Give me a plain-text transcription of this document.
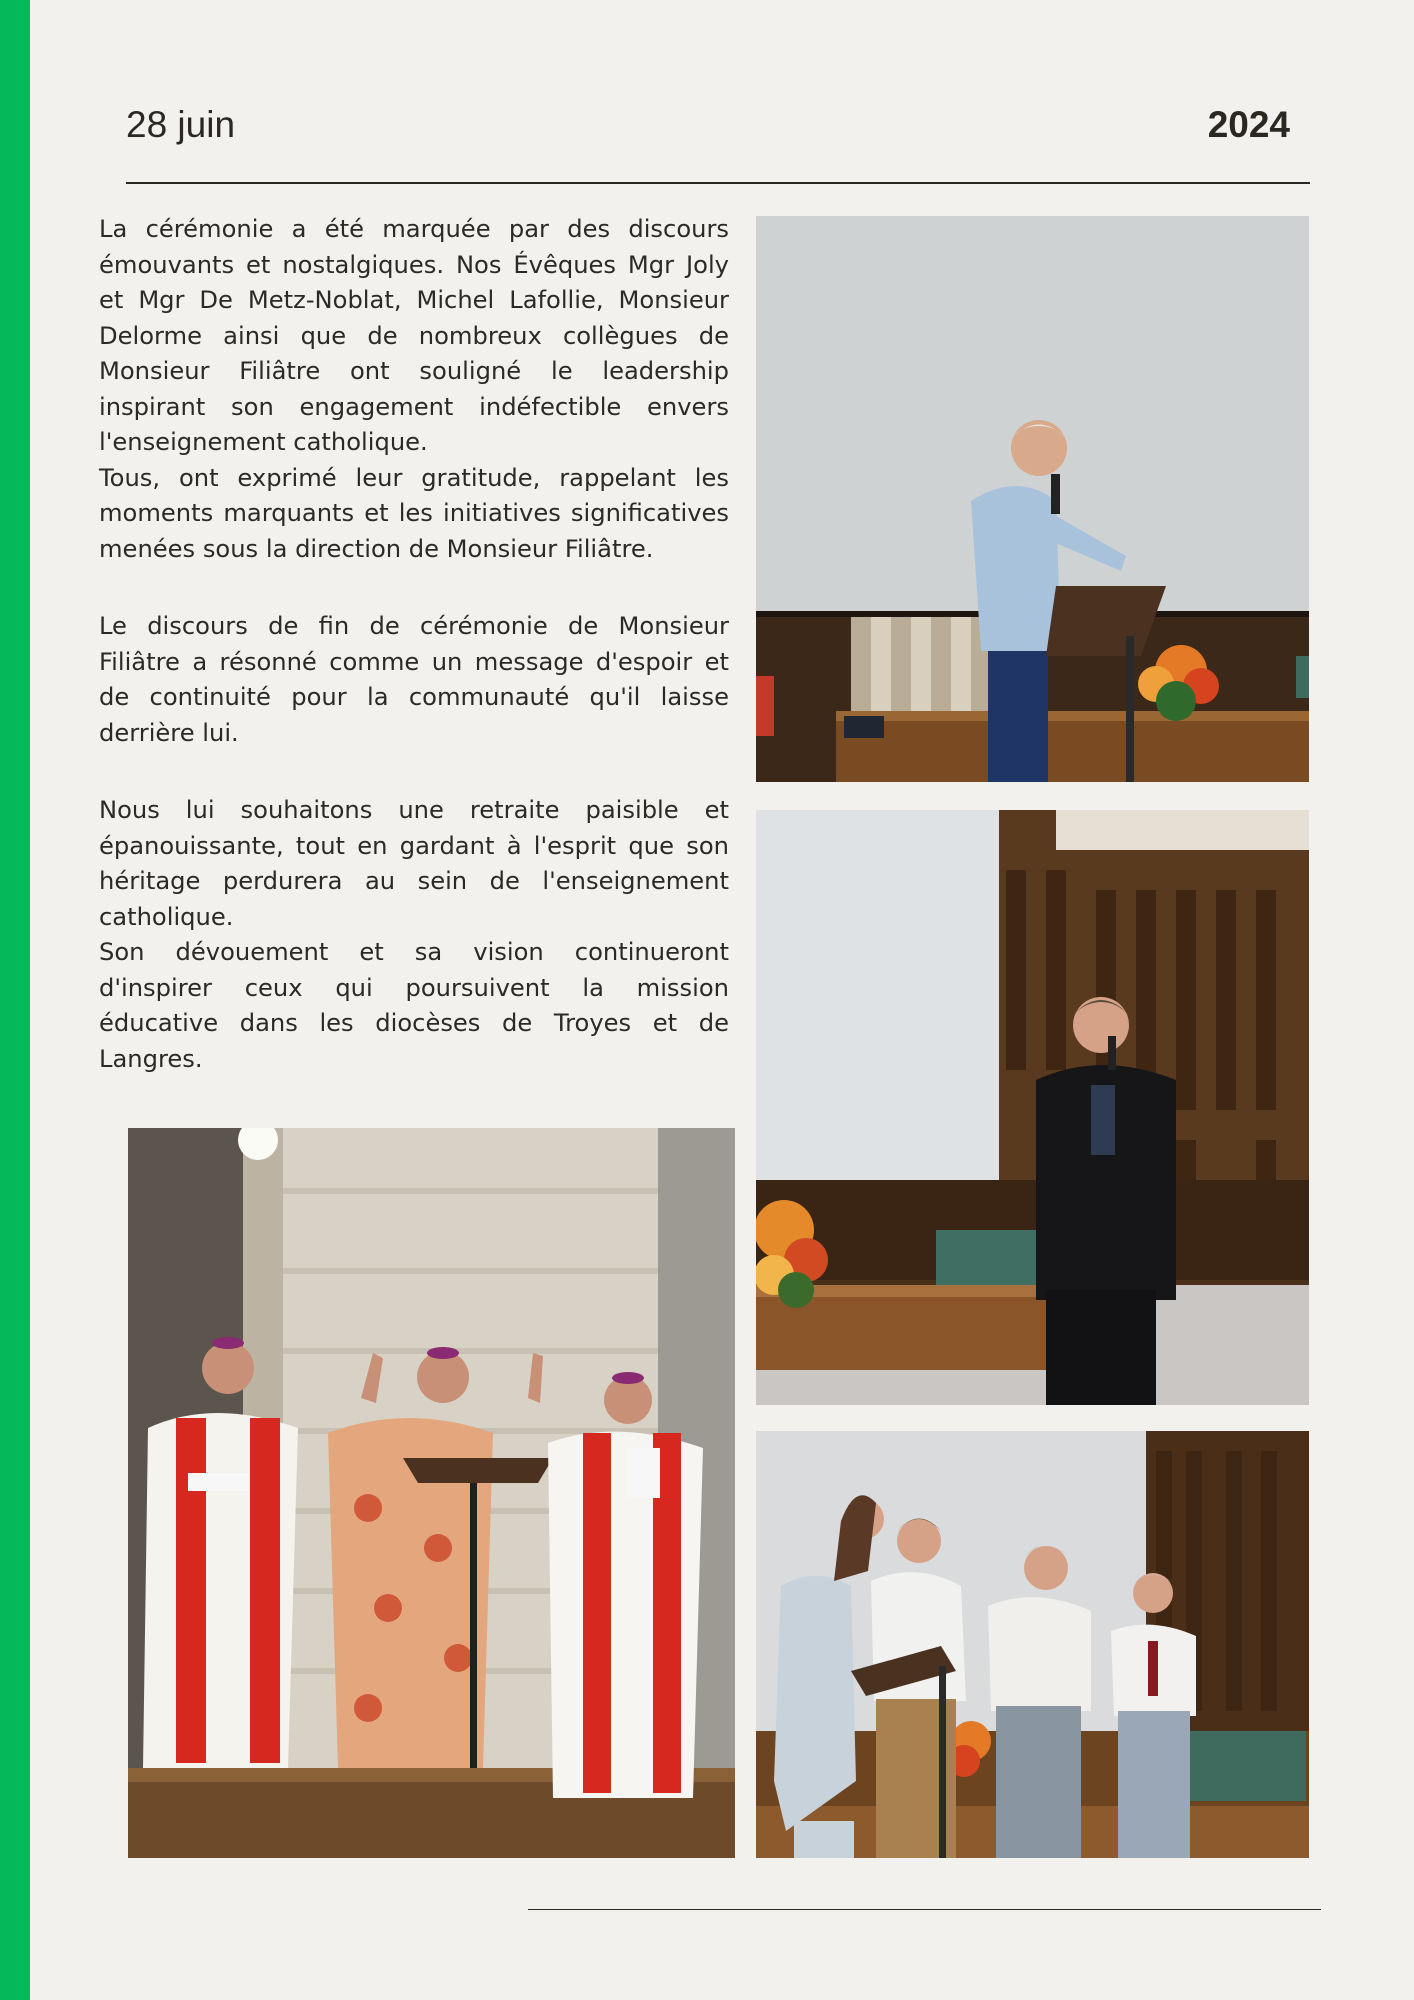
28 juin	2024

La cérémonie a été marquée par des discours émouvants et nostalgiques. Nos Évêques Mgr Joly et Mgr De Metz-Noblat, Michel Lafollie, Monsieur Delorme ainsi que de nombreux collègues de Monsieur Filiâtre ont souligné le leadership inspirant son engagement indéfectible envers l'enseignement catholique.

Tous, ont exprimé leur gratitude, rappelant les moments marquants et les initiatives significatives menées sous la direction de Monsieur Filiâtre.

Le discours de fin de cérémonie de Monsieur Filiâtre a résonné comme un message d'espoir et de continuité pour la communauté qu'il laisse derrière lui.

Nous lui souhaitons une retraite paisible et épanouissante, tout en gardant à l'esprit que son héritage perdurera au sein de l'enseignement catholique.

Son dévouement et sa vision continueront d'inspirer ceux qui poursuivent la mission éducative dans les diocèses de Troyes et de Langres.
